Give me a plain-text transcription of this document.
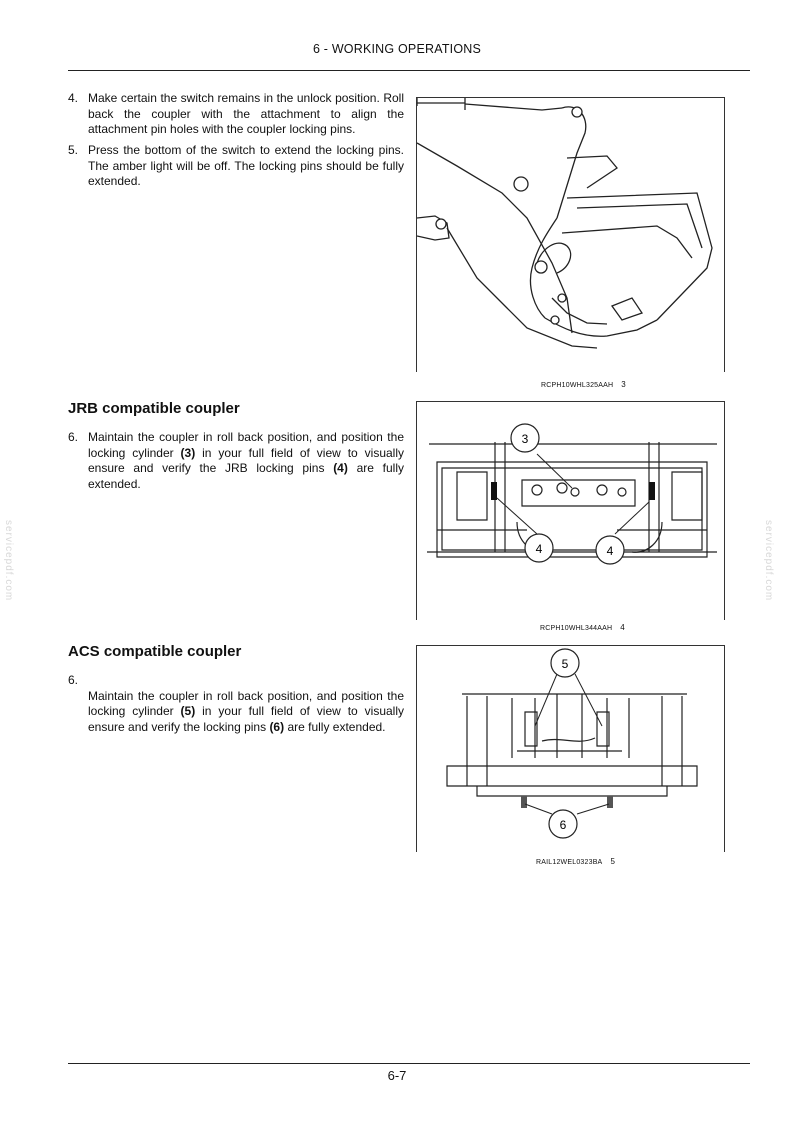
6 - WORKING OPERATIONS
4. Make certain the switch remains in the unlock position. Roll back the coupler with the attachment to align the attachment pin holes with the coupler locking pins.
5. Press the bottom of the switch to extend the locking pins. The amber light will be off. The locking pins should be fully extended.
RCPH10WHL325AAH 3
JRB compatible coupler
6. Maintain the coupler in roll back position, and position the locking cylinder (3) in your full field of view to visually ensure and verify the JRB locking pins (4) are fully extended.
3
4	4
RCPH10WHL344AAH 4
ACS compatible coupler
6.
Maintain the coupler in roll back position, and position the locking cylinder (5) in your full field of view to visually ensure and verify the locking pins (6) are fully extended.
5
6
RAIL12WEL0323BA 5
servicepdf.com	servicepdf.com
6-7
